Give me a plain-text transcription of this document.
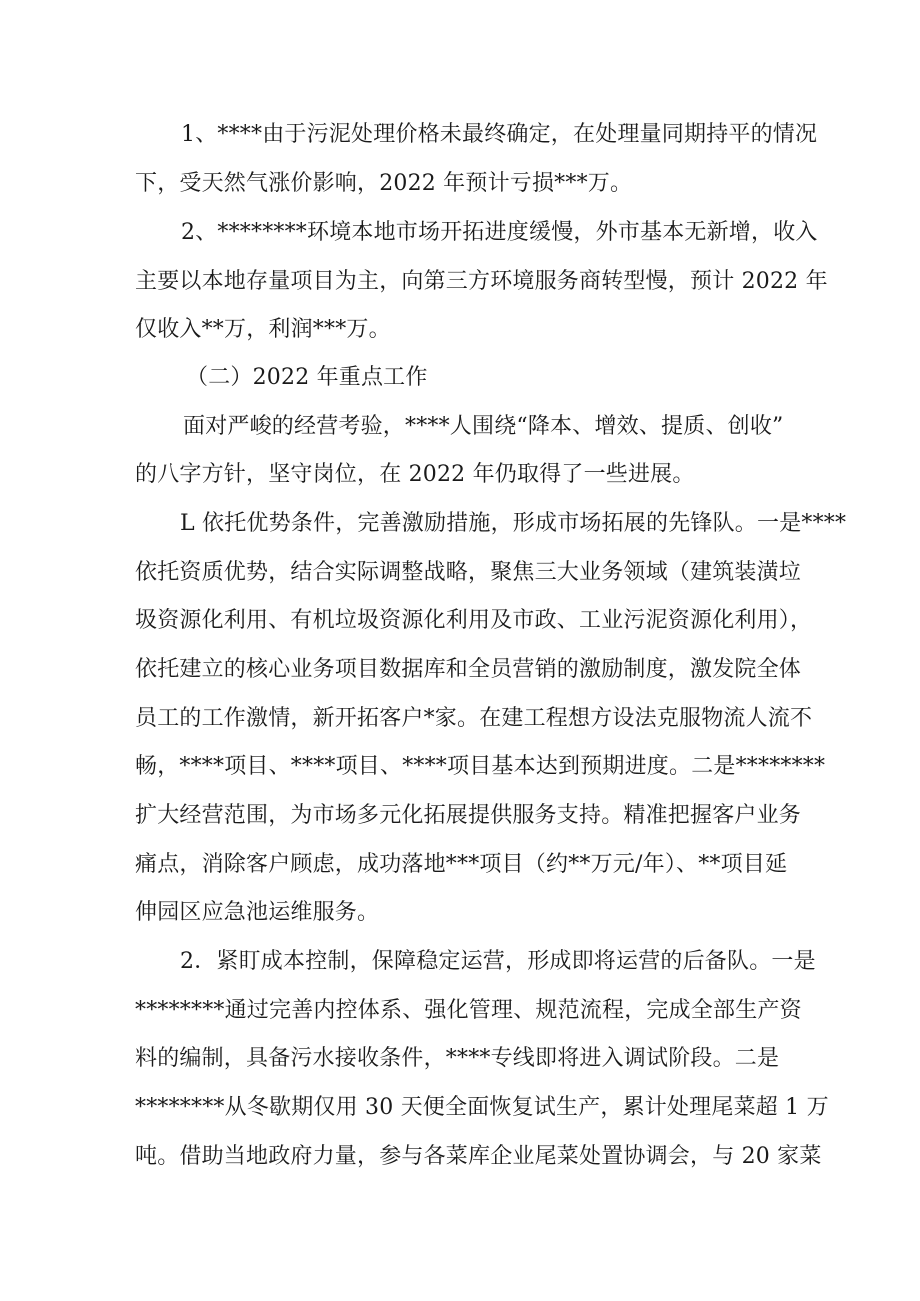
1、****由于污泥处理价格未最终确定，在处理量同期持平的情况

下，受天然气涨价影响，2022 年预计亏损***万。

2、********环境本地市场开拓进度缓慢，外市基本无新增，收入

主要以本地存量项目为主，向第三方环境服务商转型慢，预计 2022 年

仅收入**万，利润***万。

（二）2022 年重点工作

面对严峻的经营考验，****人围绕“降本、增效、提质、创收”

的八字方针，坚守岗位，在 2022 年仍取得了一些进展。

L 依托优势条件，完善激励措施，形成市场拓展的先锋队。一是****

依托资质优势，结合实际调整战略，聚焦三大业务领域（建筑装潢垃

圾资源化利用、有机垃圾资源化利用及市政、工业污泥资源化利用），

依托建立的核心业务项目数据库和全员营销的激励制度，激发院全体

员工的工作激情，新开拓客户*家。在建工程想方设法克服物流人流不

畅，****项目、****项目、****项目基本达到预期进度。二是********

扩大经营范围，为市场多元化拓展提供服务支持。精准把握客户业务

痛点，消除客户顾虑，成功落地***项目（约**万元/年）、**项目延

伸园区应急池运维服务。

2．紧盯成本控制，保障稳定运营，形成即将运营的后备队。一是

********通过完善内控体系、强化管理、规范流程，完成全部生产资

料的编制，具备污水接收条件，****专线即将进入调试阶段。二是

********从冬歇期仅用 30 天便全面恢复试生产，累计处理尾菜超 1 万

吨。借助当地政府力量，参与各菜库企业尾菜处置协调会，与 20 家菜
